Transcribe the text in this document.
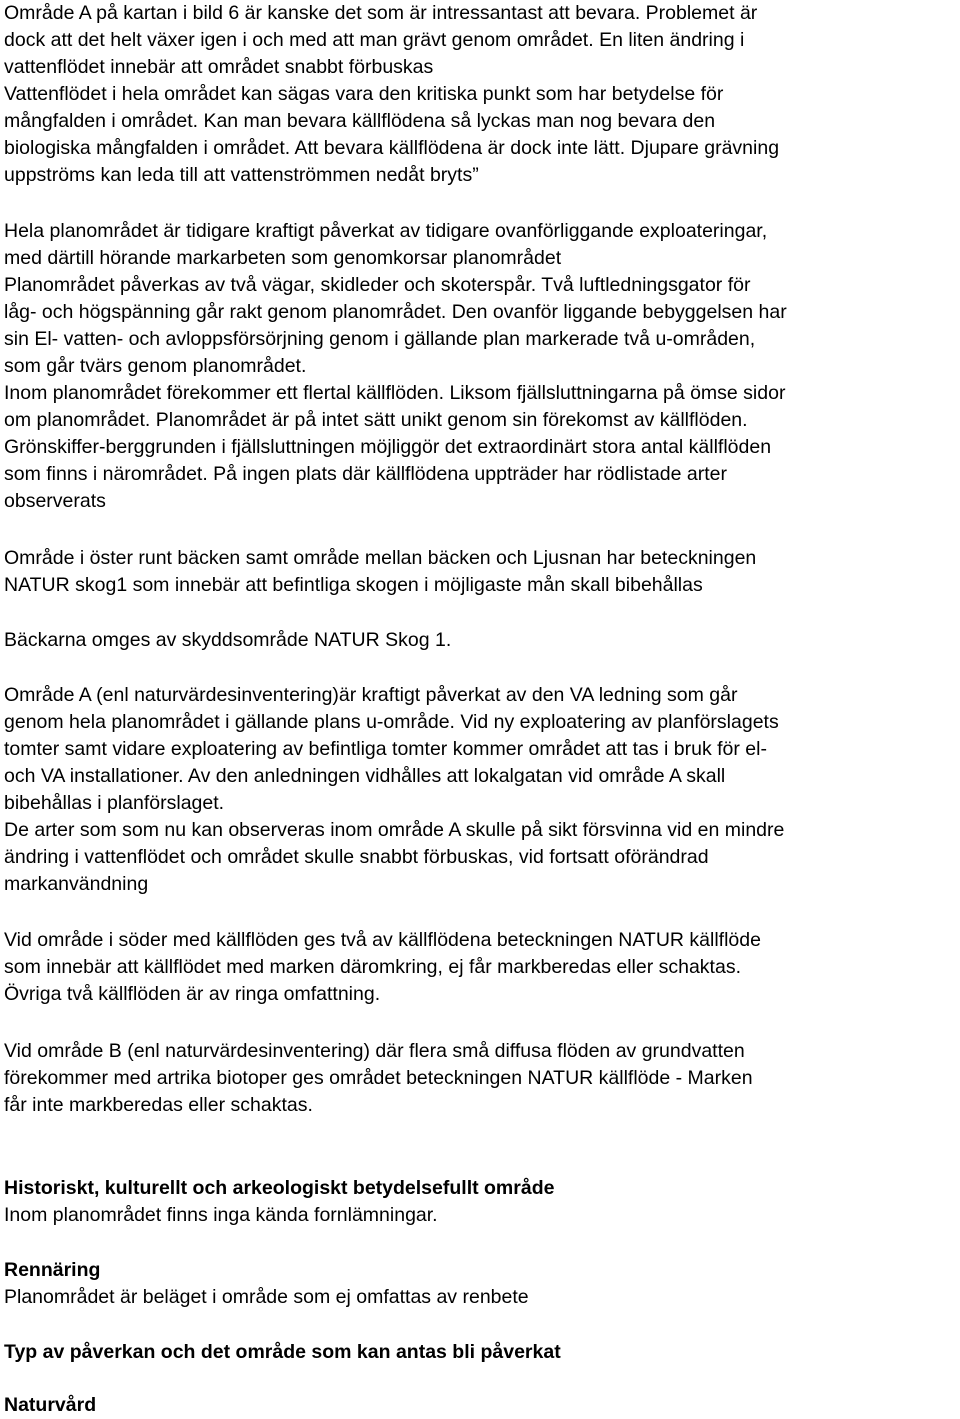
Område A på kartan i bild 6 är kanske det som är intressantast att bevara. Problemet är
dock att det helt växer igen i och med att man grävt genom området. En liten ändring i
vattenflödet innebär att området snabbt förbuskas
Vattenflödet i hela området kan sägas vara den kritiska punkt som har betydelse för
mångfalden i området. Kan man bevara källflödena så lyckas man nog bevara den
biologiska mångfalden i området. Att bevara källflödena är dock inte lätt. Djupare grävning
uppströms kan leda till att vattenströmmen nedåt bryts”
Hela planområdet är tidigare kraftigt påverkat av tidigare ovanförliggande exploateringar,
med därtill hörande markarbeten som genomkorsar planområdet
Planområdet påverkas av två vägar, skidleder och skoterspår. Två luftledningsgator för
låg- och högspänning går rakt genom planområdet. Den ovanför liggande bebyggelsen har
sin El- vatten- och avloppsförsörjning genom i gällande plan markerade två u-områden,
som går tvärs genom planområdet.
Inom planområdet förekommer ett flertal källflöden. Liksom fjällsluttningarna på ömse sidor
om planområdet. Planområdet är på intet sätt unikt genom sin förekomst av källflöden.
Grönskiffer-berggrunden i fjällsluttningen möjliggör det extraordinärt stora antal källflöden
som finns i närområdet. På ingen plats där källflödena uppträder har rödlistade arter
observerats
Område i öster runt bäcken samt område mellan bäcken och Ljusnan har beteckningen
NATUR skog1 som innebär att befintliga skogen i möjligaste mån skall bibehållas
Bäckarna omges av skyddsområde NATUR Skog 1.
Område A (enl naturvärdesinventering)är kraftigt påverkat av den VA ledning som går
genom hela planområdet i gällande plans u-område. Vid ny exploatering av planförslagets
tomter samt vidare exploatering av befintliga tomter kommer området att tas i bruk för el-
och VA installationer. Av den anledningen vidhålles att lokalgatan vid område A skall
bibehållas i planförslaget.
De arter som som nu kan observeras inom område A skulle på sikt försvinna vid en mindre
ändring i vattenflödet och området skulle snabbt förbuskas, vid fortsatt oförändrad
markanvändning
Vid område i söder med källflöden ges två av källflödena beteckningen NATUR källflöde
som innebär att källflödet med marken däromkring, ej får markberedas eller schaktas.
Övriga två källflöden är av ringa omfattning.
Vid område B (enl naturvärdesinventering) där flera små diffusa flöden av grundvatten
förekommer med artrika biotoper ges området beteckningen NATUR källflöde - Marken
får inte markberedas eller schaktas.
Historiskt, kulturellt och arkeologiskt betydelsefullt område
Inom planområdet finns inga kända fornlämningar.
Rennäring
Planområdet är beläget i område som ej omfattas av renbete
Typ av påverkan och det område som kan antas bli påverkat
Naturvård
